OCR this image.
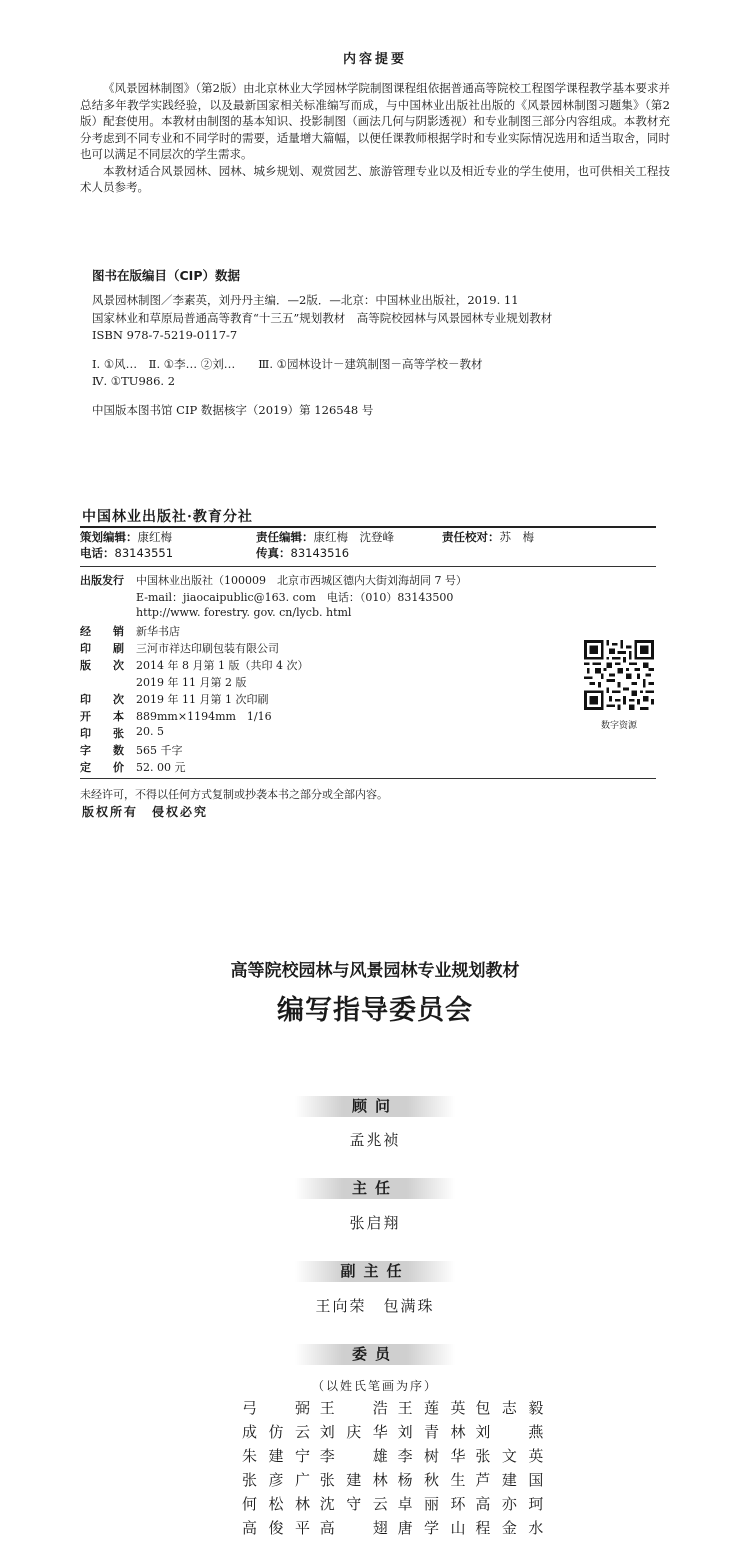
内容提要

《风景园林制图》（第2版）由北京林业大学园林学院制图课程组依据普通高等院校工程图学课程教学基本要求并总结多年教学实践经验，以及最新国家相关标准编写而成，与中国林业出版社出版的《风景园林制图习题集》（第2版）配套使用。本教材由制图的基本知识、投影制图（画法几何与阴影透视）和专业制图三部分内容组成。本教材充分考虑到不同专业和不同学时的需要，适量增大篇幅，以便任课教师根据学时和专业实际情况选用和适当取舍，同时也可以满足不同层次的学生需求。

本教材适合风景园林、园林、城乡规划、观赏园艺、旅游管理专业以及相近专业的学生使用，也可供相关工程技术人员参考。

图书在版编目（CIP）数据
风景园林制图／李素英，刘丹丹主编．—2版．—北京：中国林业出版社，2019. 11
国家林业和草原局普通高等教育“十三五”规划教材　高等院校园林与风景园林专业规划教材
ISBN 978-7-5219-0117-7
Ⅰ. ①风…　Ⅱ. ①李… ②刘…　　Ⅲ. ①园林设计－建筑制图－高等学校－教材
Ⅳ. ①TU986. 2
中国版本图书馆 CIP 数据核字（2019）第 126548 号
中国林业出版社·教育分社
策划编辑：康红梅	责任编辑：康红梅　沈登峰	责任校对：苏　梅
电话：83143551	传真：83143516
出版发行 中国林业出版社（100009　北京市西城区德内大街刘海胡同 7 号）
E-mail：jiaocaipublic@163. com　电话：（010）83143500
http://www. forestry. gov. cn/lycb. html
经 销 新华书店
印 刷 三河市祥达印刷包装有限公司
版 次 2014 年 8 月第 1 版（共印 4 次）
2019 年 11 月第 2 版
印 次 2019 年 11 月第 1 次印刷
开 本 889mm×1194mm　1/16
印 张 20. 5
字 数 565 千字
定 价 52. 00 元
数字资源
未经许可，不得以任何方式复制或抄袭本书之部分或全部内容。
版权所有　侵权必究
高等院校园林与风景园林专业规划教材
编写指导委员会
顾问
孟兆祯
主任
张启翔
副主任
王向荣　包满珠
委员
（以姓氏笔画为序）
弓弼 王浩 王莲英 包志毅
成仿云 刘庆华 刘青林 刘燕
朱建宁 李雄 李树华 张文英
张彦广 张建林 杨秋生 芦建国
何松林 沈守云 卓丽环 高亦珂
高俊平 高翅 唐学山 程金水
